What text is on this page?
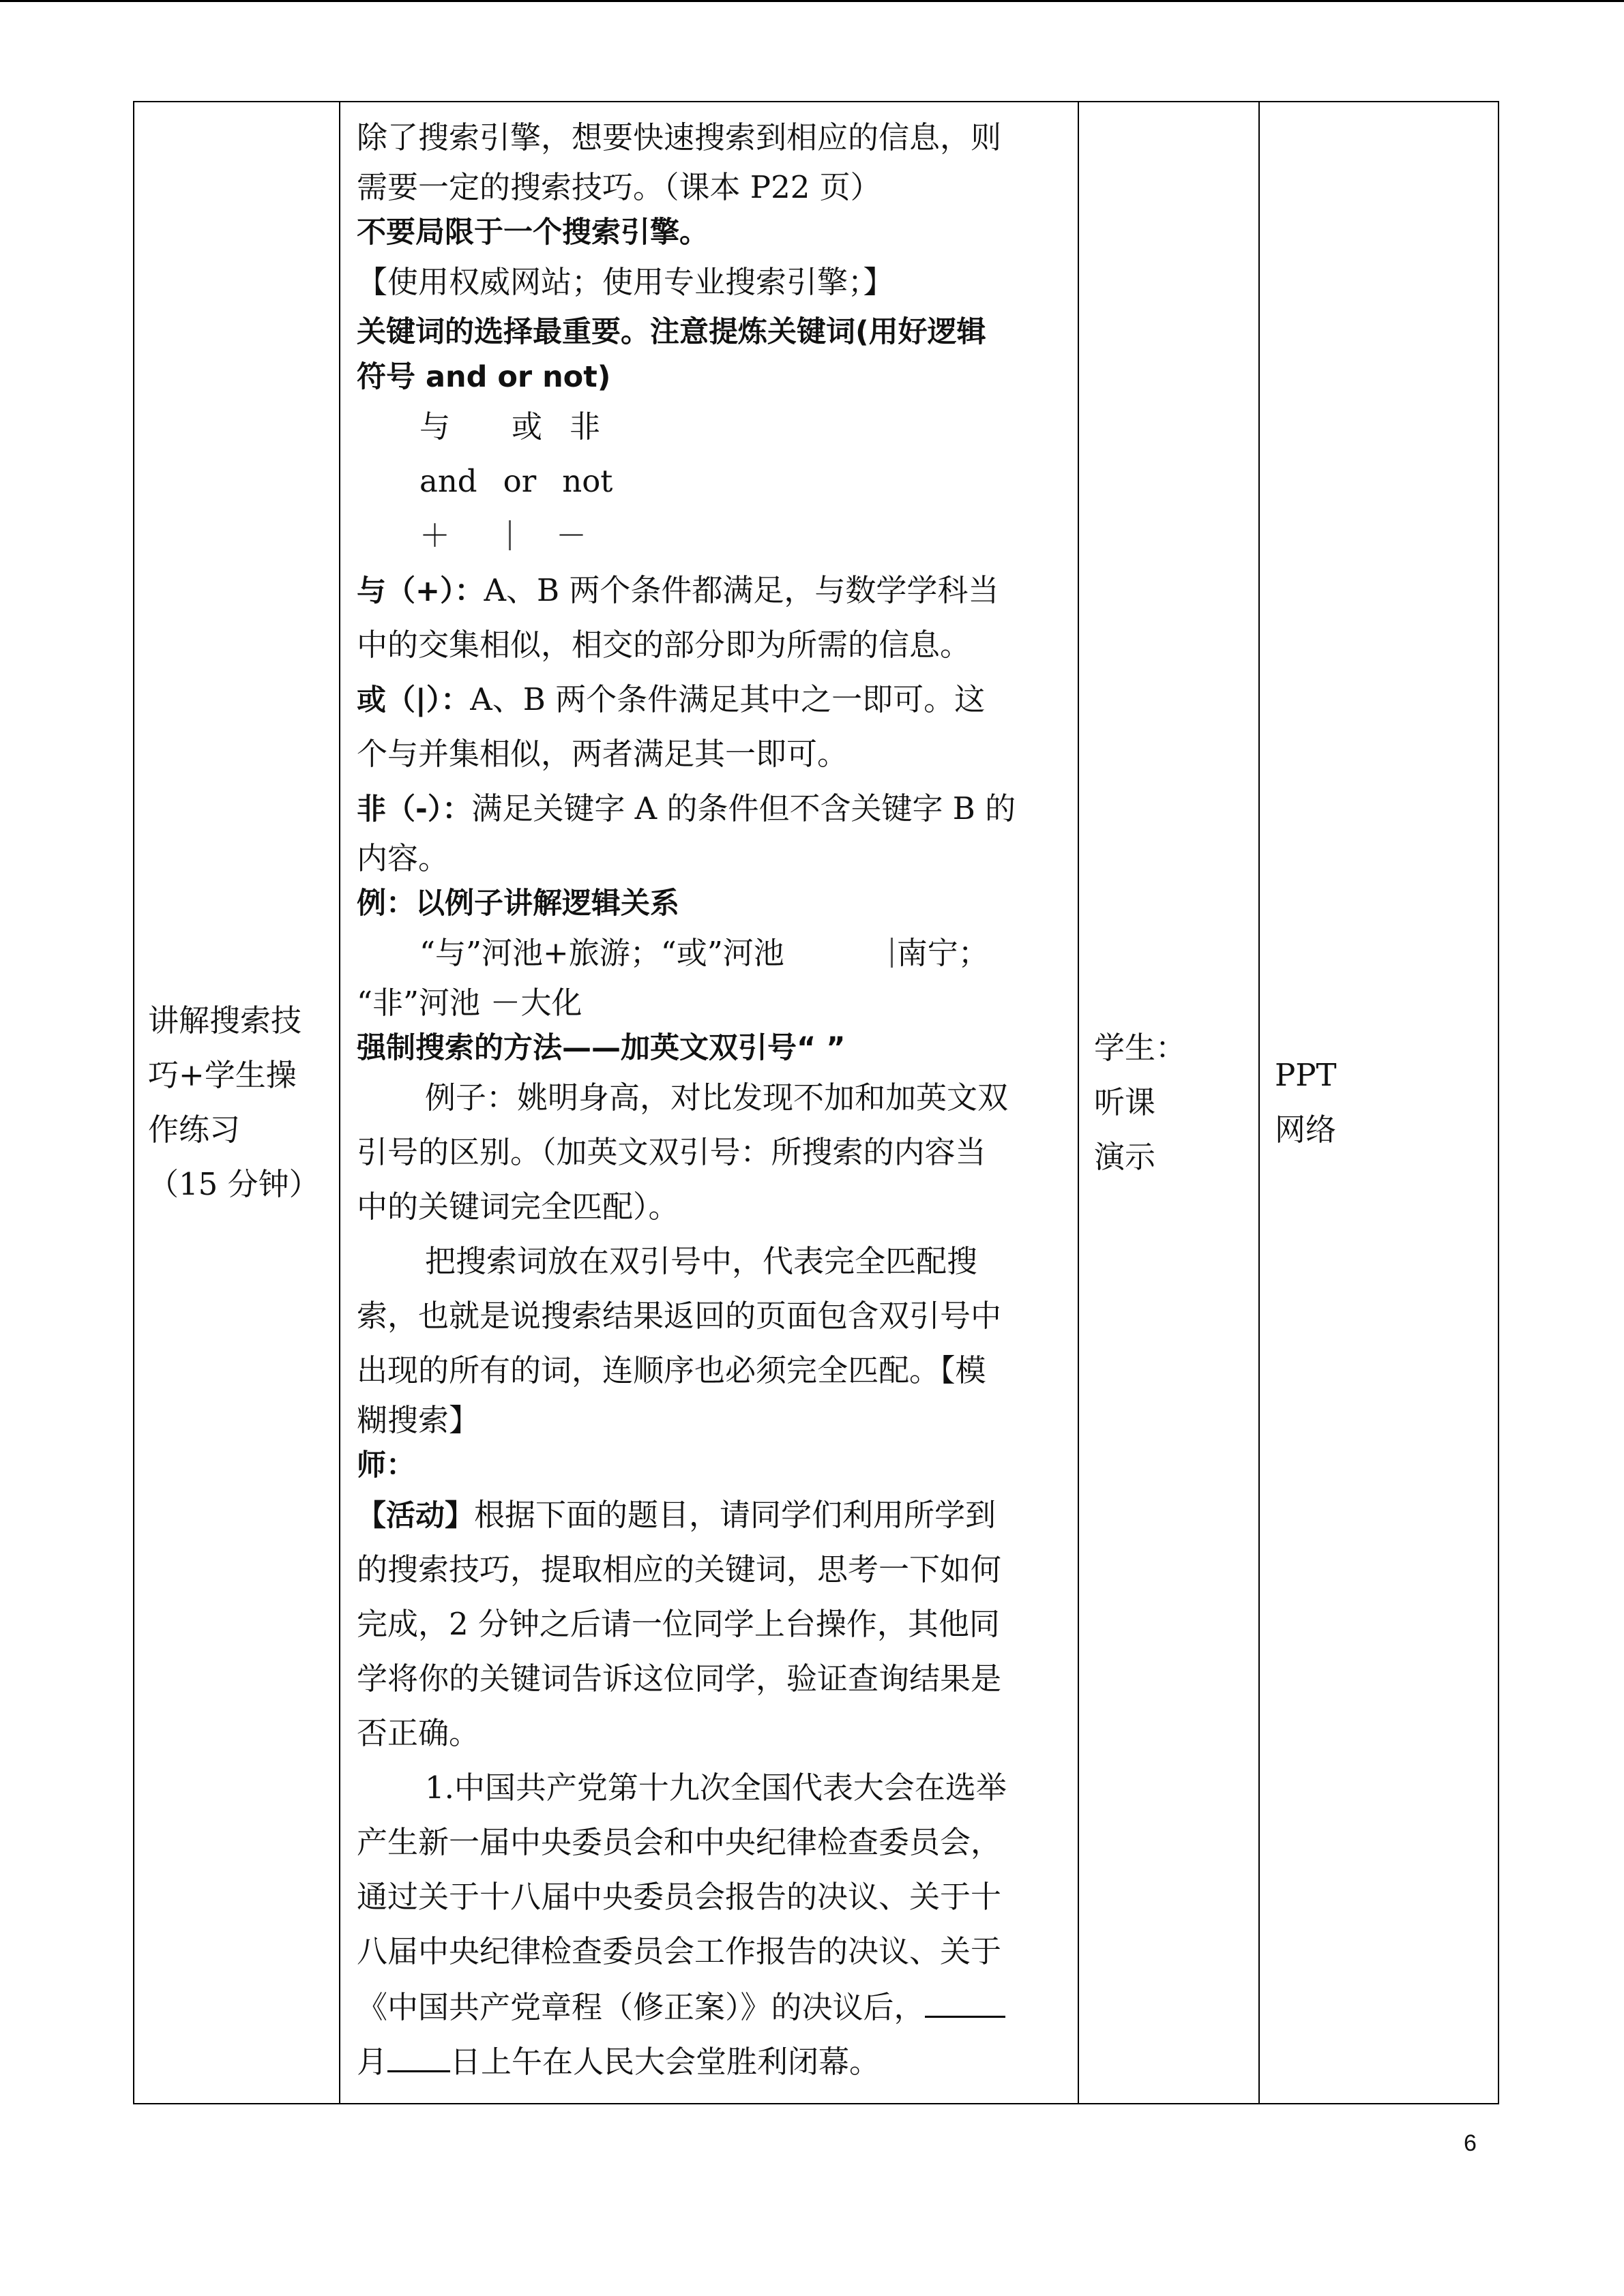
讲解搜索技
巧+学生操
作练习
（15 分钟）

除了搜索引擎，想要快速搜索到相应的信息，则
需要一定的搜索技巧。（课本 P22 页）
不要局限于一个搜索引擎。
【使用权威网站；使用专业搜索引擎；】
关键词的选择最重要。注意提炼关键词(用好逻辑
符号 and or not)
与 或 非
and or not
＋	－
与（+）：A、B 两个条件都满足，与数学学科当
中的交集相似，相交的部分即为所需的信息。
或（|）：A、B 两个条件满足其中之一即可。这
个与并集相似，两者满足其一即可。
非（-）：满足关键字 A 的条件但不含关键字 B 的
内容。
例：以例子讲解逻辑关系
“与”河池+旅游；“或”河池	南宁；
“非”河池 －大化
强制搜索的方法——加英文双引号“ ”
例子：姚明身高，对比发现不加和加英文双
引号的区别。（加英文双引号：所搜索的内容当
中的关键词完全匹配）。
把搜索词放在双引号中，代表完全匹配搜
索，也就是说搜索结果返回的页面包含双引号中
出现的所有的词，连顺序也必须完全匹配。【模
糊搜索】
师：
【活动】根据下面的题目，请同学们利用所学到
的搜索技巧，提取相应的关键词，思考一下如何
完成，2 分钟之后请一位同学上台操作，其他同
学将你的关键词告诉这位同学，验证查询结果是
否正确。
1.中国共产党第十九次全国代表大会在选举
产生新一届中央委员会和中央纪律检查委员会，
通过关于十八届中央委员会报告的决议、关于十
八届中央纪律检查委员会工作报告的决议、关于
《中国共产党章程（修正案）》的决议后，
月 日上午在人民大会堂胜利闭幕。

学生：
听课
演示

PPT
网络
6
